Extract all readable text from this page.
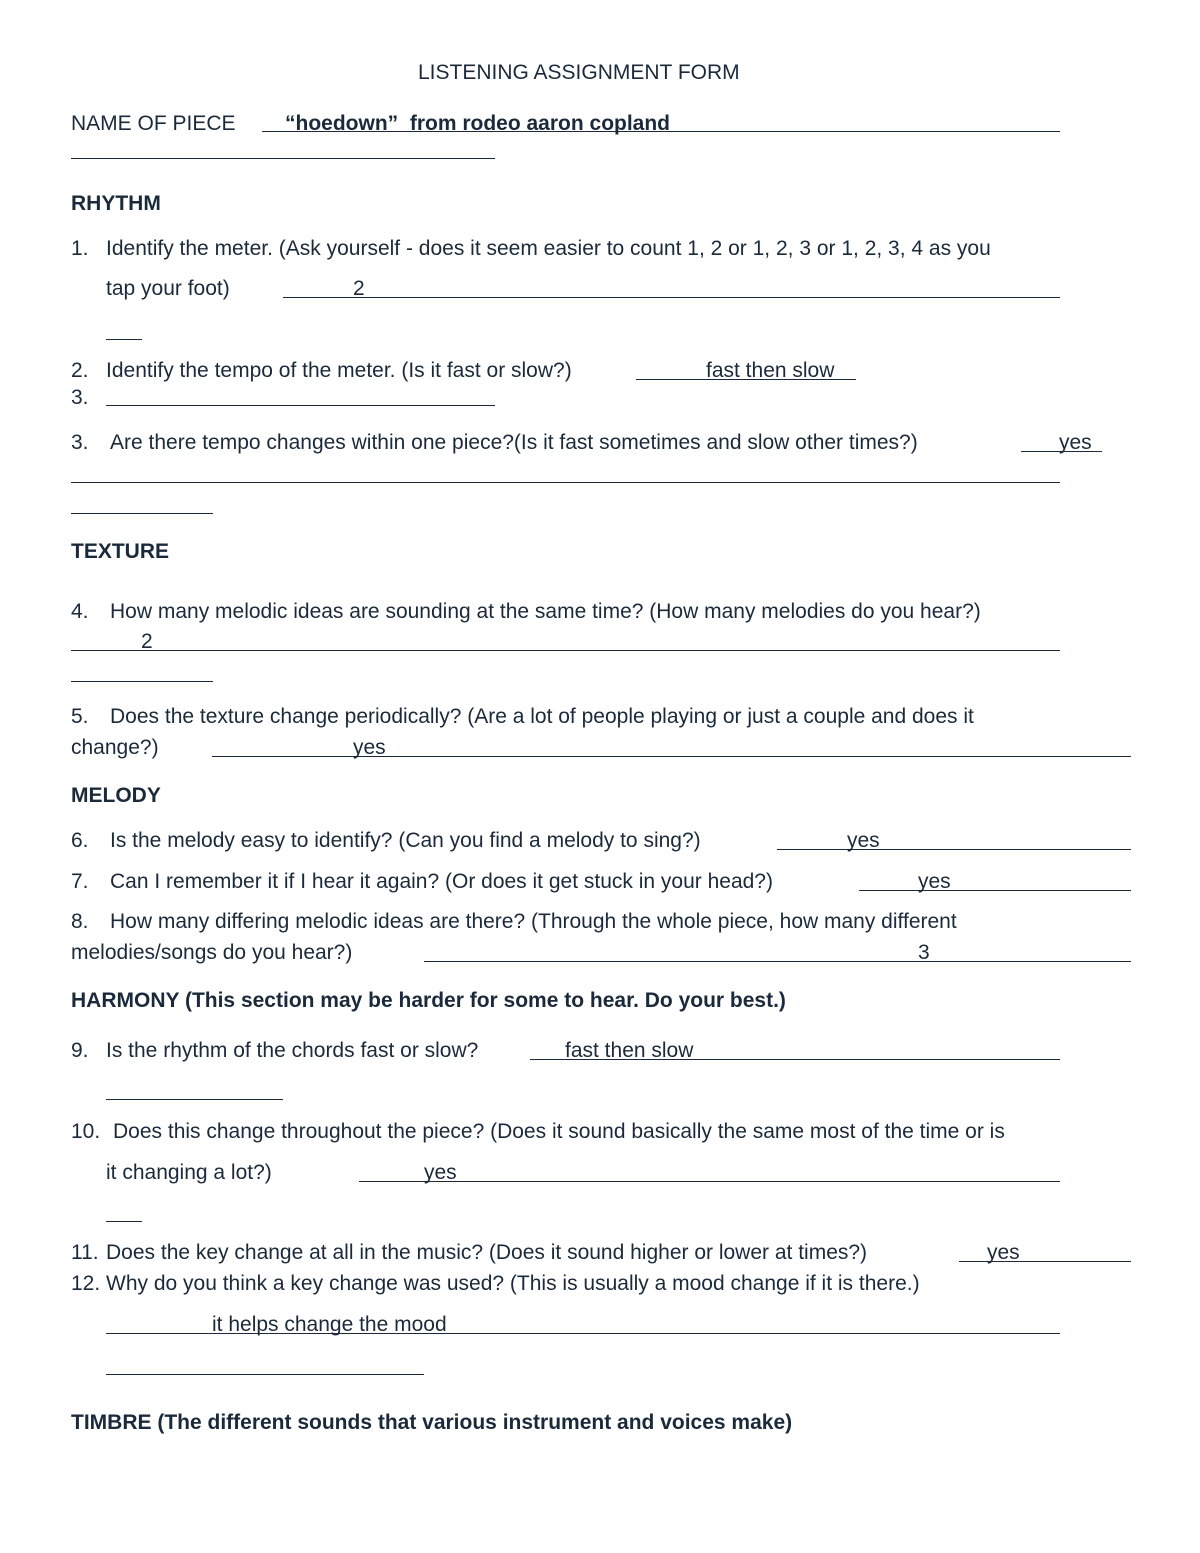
LISTENING ASSIGNMENT FORM
NAME OF PIECE “hoedown”  from rodeo aaron copland
RHYTHM
1. Identify the meter. (Ask yourself - does it seem easier to count 1, 2 or 1, 2, 3 or 1, 2, 3, 4 as you
tap your foot)	2
2. Identify the tempo of the meter. (Is it fast or slow?)	fast then slow
3.
3. Are there tempo changes within one piece?(Is it fast sometimes and slow other times?)	yes
TEXTURE
4. How many melodic ideas are sounding at the same time? (How many melodies do you hear?)
2
5. Does the texture change periodically? (Are a lot of people playing or just a couple and does it
change?)	yes
MELODY
6. Is the melody easy to identify? (Can you find a melody to sing?)	yes
7. Can I remember it if I hear it again? (Or does it get stuck in your head?)	yes
8. How many differing melodic ideas are there? (Through the whole piece, how many different
melodies/songs do you hear?)	3
HARMONY (This section may be harder for some to hear. Do your best.)
9. Is the rhythm of the chords fast or slow?	fast then slow
10. Does this change throughout the piece? (Does it sound basically the same most of the time or is
it changing a lot?)	yes
11. Does the key change at all in the music? (Does it sound higher or lower at times?)	yes
12. Why do you think a key change was used? (This is usually a mood change if it is there.)
it helps change the mood
TIMBRE (The different sounds that various instrument and voices make)
